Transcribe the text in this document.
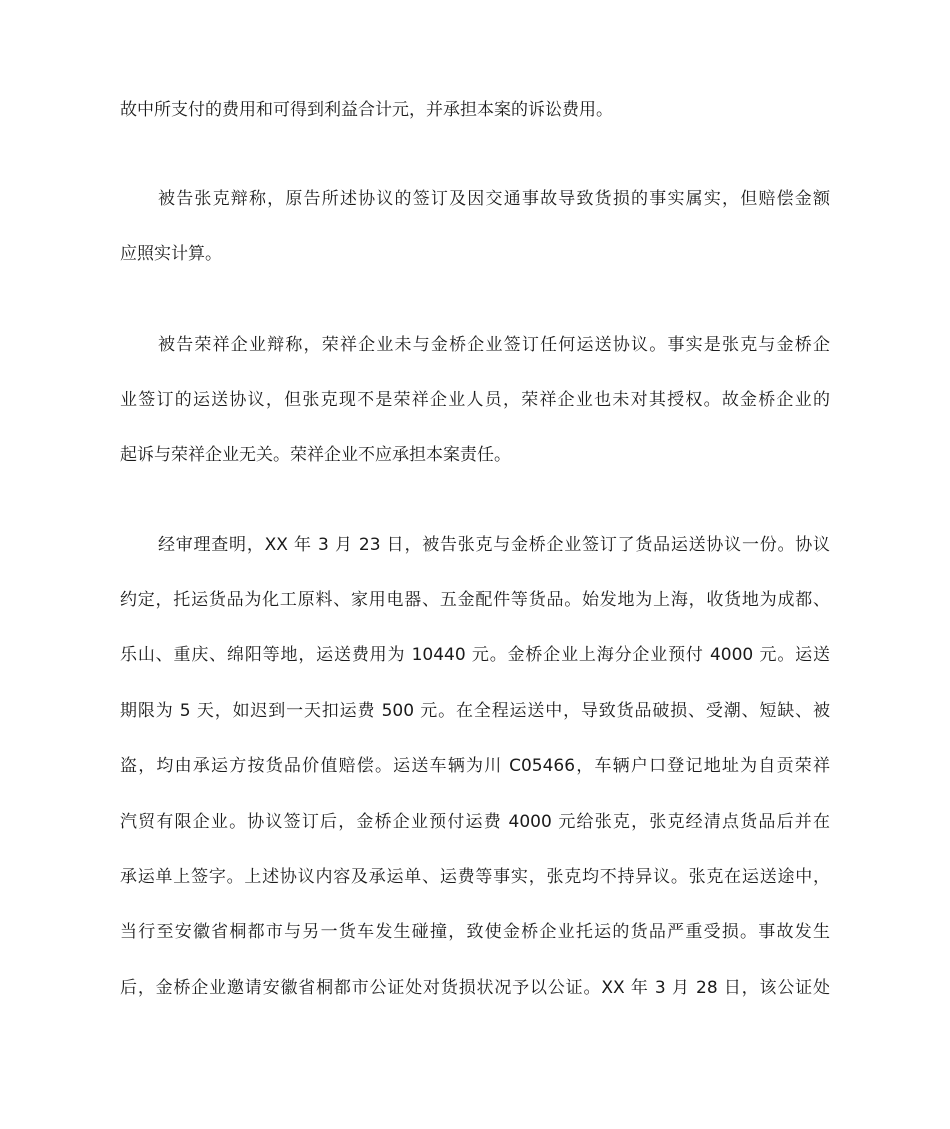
故中所支付的费用和可得到利益合计元，并承担本案的诉讼费用。
被告张克辩称，原告所述协议的签订及因交通事故导致货损的事实属实，但赔偿金额
应照实计算。
被告荣祥企业辩称，荣祥企业未与金桥企业签订任何运送协议。事实是张克与金桥企
业签订的运送协议，但张克现不是荣祥企业人员，荣祥企业也未对其授权。故金桥企业的
起诉与荣祥企业无关。荣祥企业不应承担本案责任。
经审理查明，XX 年 3 月 23 日，被告张克与金桥企业签订了货品运送协议一份。协议
约定，托运货品为化工原料、家用电器、五金配件等货品。始发地为上海，收货地为成都、
乐山、重庆、绵阳等地，运送费用为 10440 元。金桥企业上海分企业预付 4000 元。运送
期限为 5 天，如迟到一天扣运费 500 元。在全程运送中，导致货品破损、受潮、短缺、被
盗，均由承运方按货品价值赔偿。运送车辆为川 C05466，车辆户口登记地址为自贡荣祥
汽贸有限企业。协议签订后，金桥企业预付运费 4000 元给张克，张克经清点货品后并在
承运单上签字。上述协议内容及承运单、运费等事实，张克均不持异议。张克在运送途中，
当行至安徽省桐都市与另一货车发生碰撞，致使金桥企业托运的货品严重受损。事故发生
后，金桥企业邀请安徽省桐都市公证处对货损状况予以公证。XX 年 3 月 28 日，该公证处
